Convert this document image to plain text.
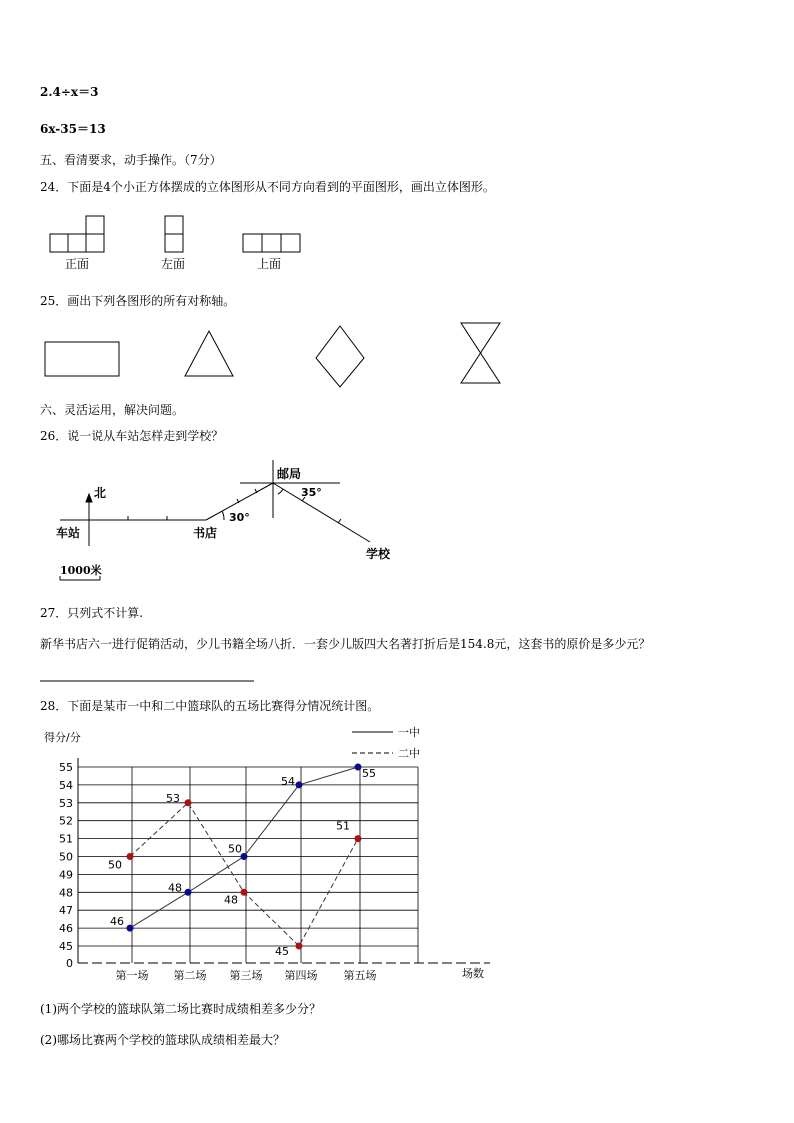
2.4÷x＝3
6x-35＝13
五、看清要求，动手操作。（7分）
24．下面是4个小正方体摆成的立体图形从不同方向看到的平面图形，画出立体图形。
25．画出下列各图形的所有对称轴。
六、灵活运用，解决问题。
26．说一说从车站怎样走到学校？
27．只列式不计算.
新华书店六一进行促销活动，少儿书籍全场八折．一套少儿版四大名著打折后是154.8元，这套书的原价是多少元？
28．下面是某市一中和二中篮球队的五场比赛得分情况统计图。
(1)两个学校的篮球队第二场比赛时成绩相差多少分？
(2)哪场比赛两个学校的篮球队成绩相差最大？
正面	左面	上面
北
车站	书店
邮局
学校
30°
35°
1000米
0
45
46
47
48
49
50
51
52
53
54
55
得分/分
场数
第一场 第二场 第三场 第四场 第五场
一中
二中
46
48
50
54
55
50
53
48
45
51
